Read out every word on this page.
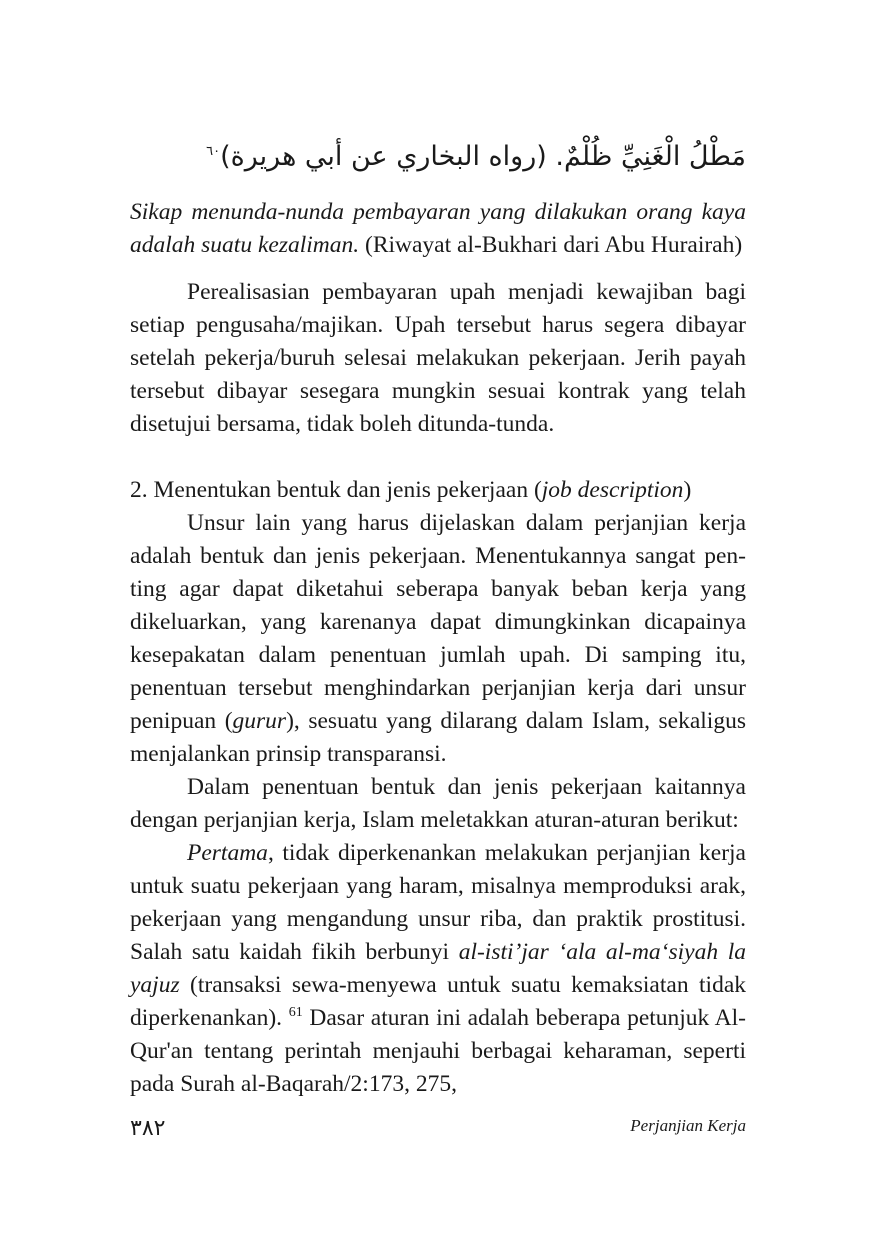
مَطْلُ الْغَنِيِّ ظُلْمٌ. (رواه البخاري عن أبي هريرة)$^{٦٠}$

Sikap menunda-nunda pembayaran yang dilakukan orang kaya adalah suatu kezaliman. (Riwayat al-Bukhari dari Abu Hurairah)

Perealisasian pembayaran upah menjadi kewajiban bagi setiap pengusaha/majikan. Upah tersebut harus segera dibayar setelah pekerja/buruh selesai melakukan pekerjaan. Jerih payah tersebut dibayar sesegara mungkin sesuai kontrak yang telah disetujui bersama, tidak boleh ditunda-tunda.

2. Menentukan bentuk dan jenis pekerjaan (job description)

Unsur lain yang harus dijelaskan dalam perjanjian kerja adalah bentuk dan jenis pekerjaan. Menentukannya sangat penting agar dapat diketahui seberapa banyak beban kerja yang dikeluarkan, yang karenanya dapat dimungkinkan dicapainya kesepakatan dalam penentuan jumlah upah. Di samping itu, penentuan tersebut menghindarkan perjanjian kerja dari unsur penipuan (gurur), sesuatu yang dilarang dalam Islam, sekaligus menjalankan prinsip transparansi.

Dalam penentuan bentuk dan jenis pekerjaan kaitannya dengan perjanjian kerja, Islam meletakkan aturan-aturan berikut:

Pertama, tidak diperkenankan melakukan perjanjian kerja untuk suatu pekerjaan yang haram, misalnya memproduksi arak, pekerjaan yang mengandung unsur riba, dan praktik prostitusi. Salah satu kaidah fikih berbunyi al-isti’jar ‘ala al-ma‘siyah la yajuz (transaksi sewa-menyewa untuk suatu kemaksiatan tidak diperkenankan). $^{61}$ Dasar aturan ini adalah beberapa petunjuk Al-Qur'an tentang perintah menjauhi berbagai keharaman, seperti pada Surah al-Baqarah/2:173, 275,

٣٨٢	Perjanjian Kerja
